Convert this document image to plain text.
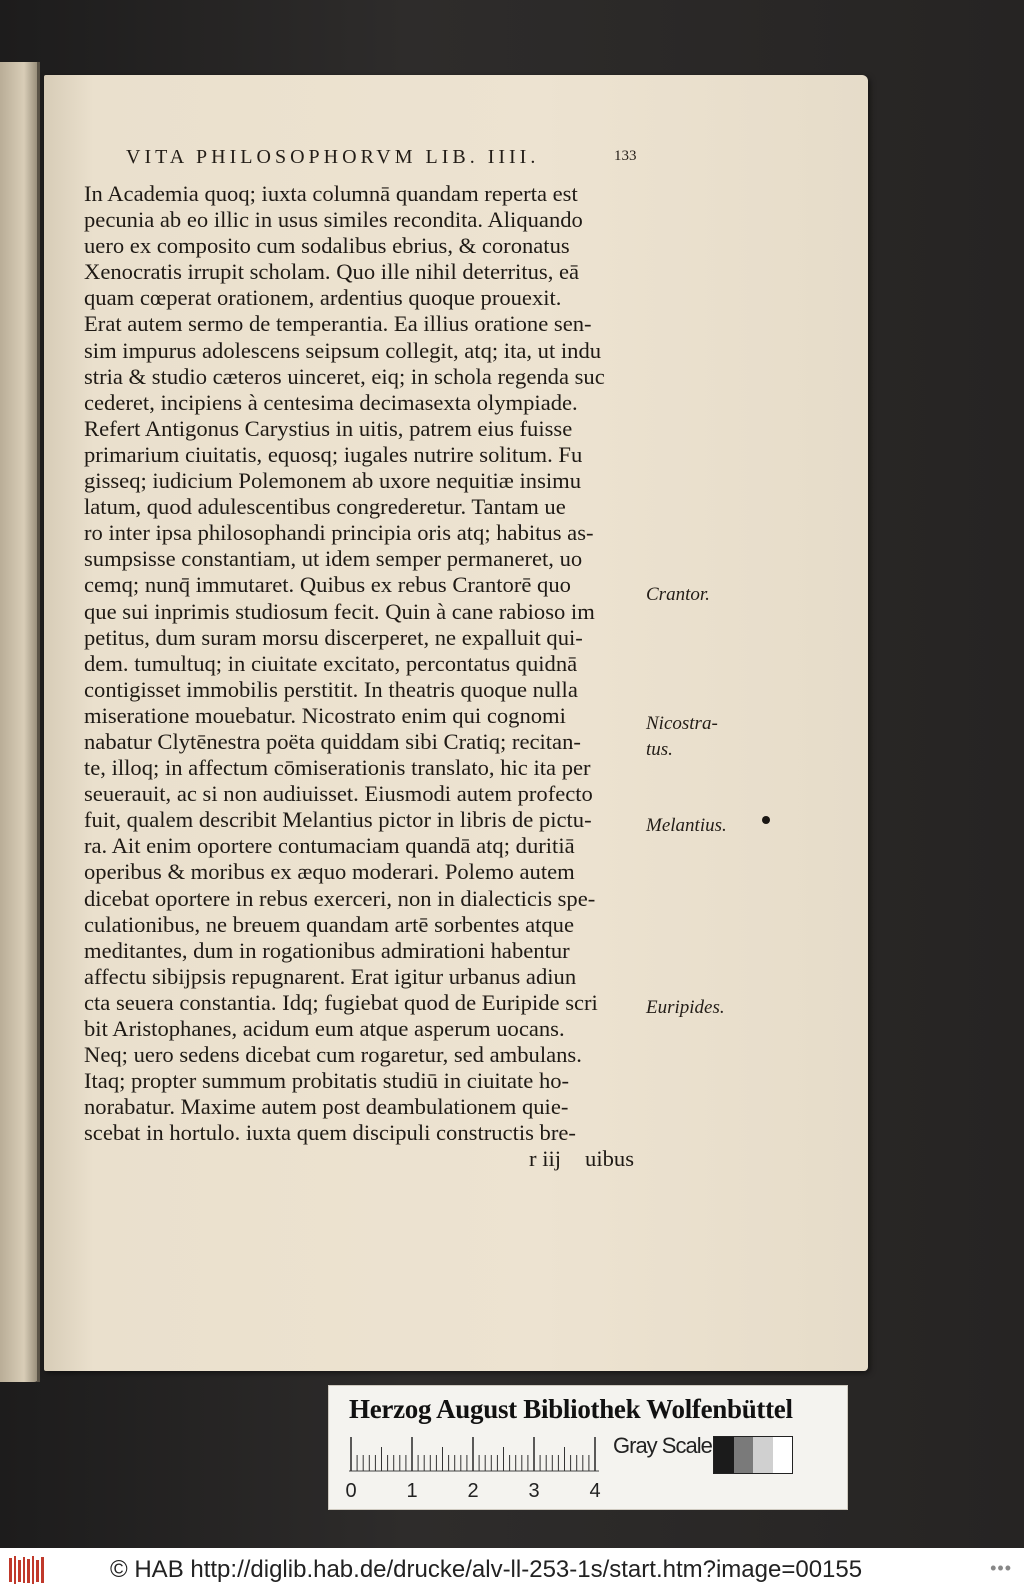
VITA PHILOSOPHORVM LIB. IIII.	133
In Academia quoq; iuxta columnā quandam reperta est
pecunia ab eo illic in usus similes recondita. Aliquando
uero ex composito cum sodalibus ebrius, & coronatus
Xenocratis irrupit scholam. Quo ille nihil deterritus, eā
quam cœperat orationem, ardentius quoque prouexit.
Erat autem sermo de temperantia. Ea illius oratione sen-
sim impurus adolescens seipsum collegit, atq; ita, ut indu
stria & studio cæteros uinceret, eiq; in schola regenda suc
cederet, incipiens à centesima decimasexta olympiade.
Refert Antigonus Carystius in uitis, patrem eius fuisse
primarium ciuitatis, equosq; iugales nutrire solitum. Fu
gisseq; iudicium Polemonem ab uxore nequitiæ insimu
latum, quod adulescentibus congrederetur. Tantam ue
ro inter ipsa philosophandi principia oris atq; habitus as-
sumpsisse constantiam, ut idem semper permaneret, uo
cemq; nunq̄ immutaret. Quibus ex rebus Crantorē quo
que sui inprimis studiosum fecit. Quin à cane rabioso im
petitus, dum suram morsu discerperet, ne expalluit qui-
dem. tumultuq; in ciuitate excitato, percontatus quidnā
contigisset immobilis perstitit. In theatris quoque nulla
miseratione mouebatur. Nicostrato enim qui cognomi
nabatur Clytēnestra poëta quiddam sibi Cratiq; recitan-
te, illoq; in affectum cōmiserationis translato, hic ita per
seuerauit, ac si non audiuisset. Eiusmodi autem profecto
fuit, qualem describit Melantius pictor in libris de pictu-
ra. Ait enim oportere contumaciam quandā atq; duritiā
operibus & moribus ex æquo moderari. Polemo autem
dicebat oportere in rebus exerceri, non in dialecticis spe-
culationibus, ne breuem quandam artē sorbentes atque
meditantes, dum in rogationibus admirationi habentur
affectu sibijpsis repugnarent. Erat igitur urbanus adiun
cta seuera constantia. Idq; fugiebat quod de Euripide scri
bit Aristophanes, acidum eum atque asperum uocans.
Neq; uero sedens dicebat cum rogaretur, sed ambulans.
Itaq; propter summum probitatis studiū in ciuitate ho-
norabatur. Maxime autem post deambulationem quie-
scebat in hortulo. iuxta quem discipuli constructis bre-
r iij uibus
Crantor.
Nicostra-
tus.
Melantius.
Euripides.
Herzog August Bibliothek Wolfenbüttel
0 1 2 3 4
Gray Scale
© HAB http://diglib.hab.de/drucke/alv-ll-253-1s/start.htm?image=00155	•••
